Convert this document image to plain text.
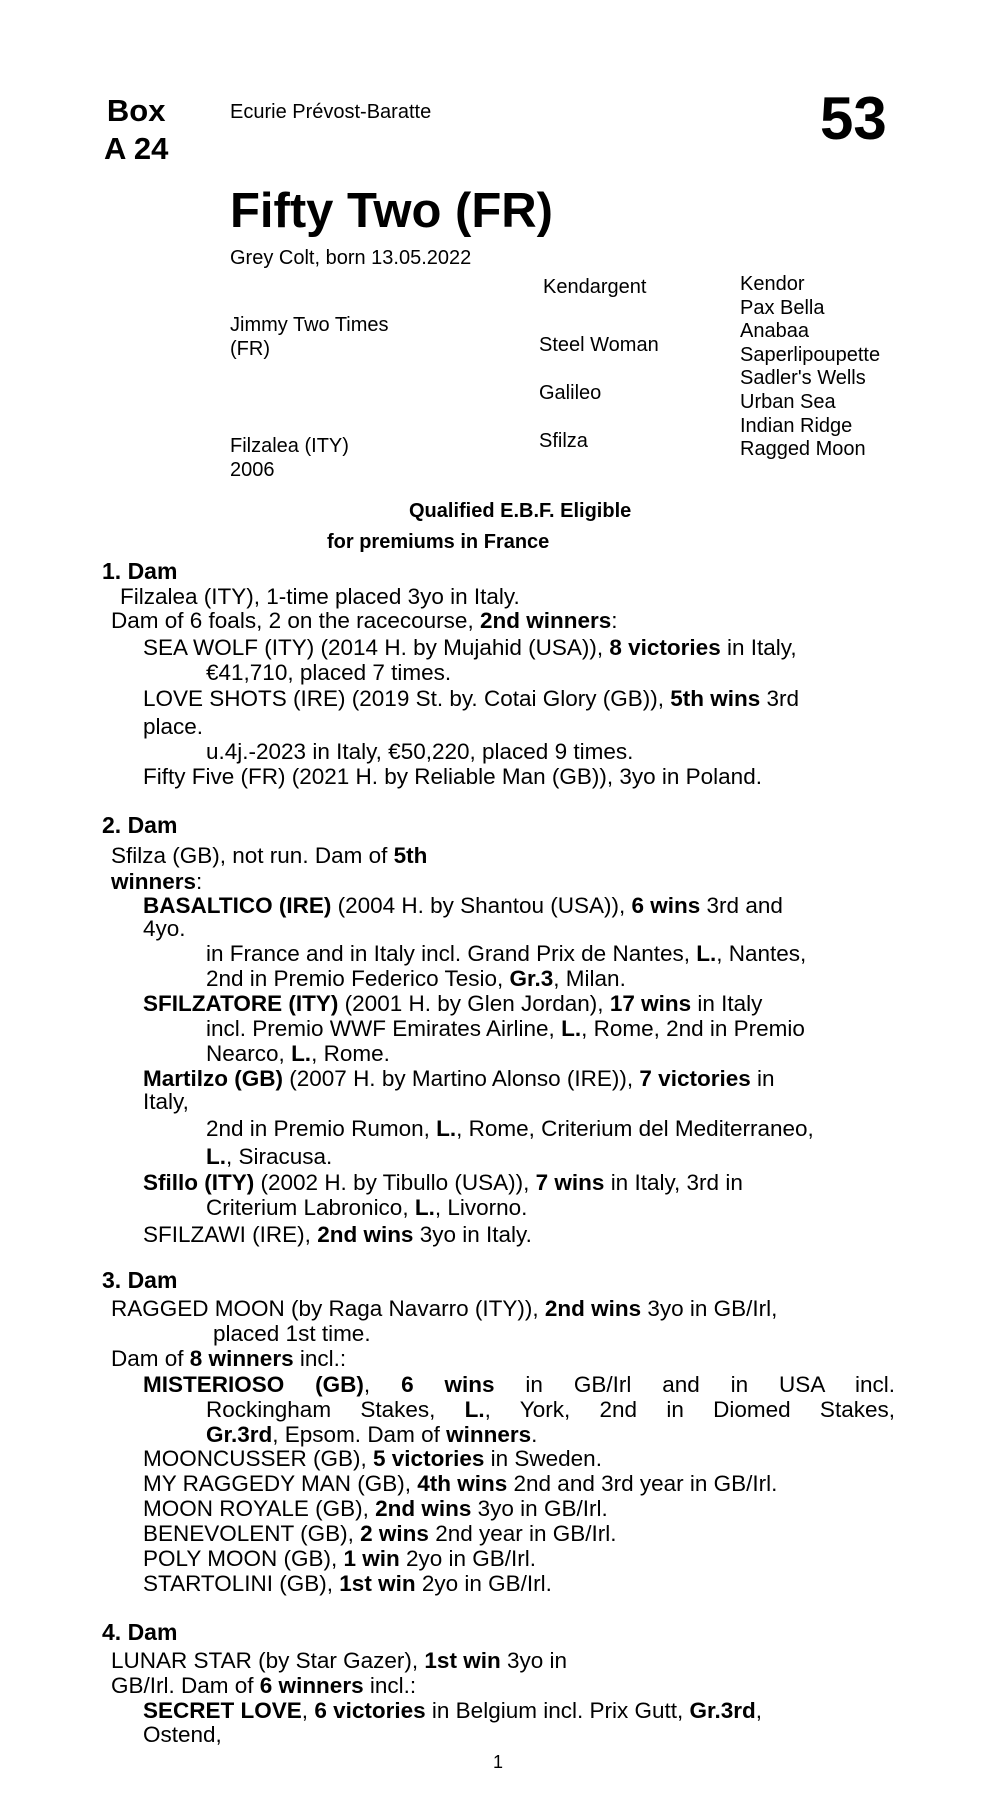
Box
A 24
Ecurie Prévost-Baratte	53
Fifty Two (FR)
Grey Colt, born 13.05.2022
Jimmy Two Times
(FR)
Filzalea (ITY)
2006
Kendargent
Steel Woman
Galileo
Sfilza
Kendor
Pax Bella
Anabaa
Saperlipoupette
Sadler's Wells
Urban Sea
Indian Ridge
Ragged Moon
Qualified E.B.F. Eligible
for premiums in France
1. Dam
Filzalea (ITY), 1-time placed 3yo in Italy.
Dam of 6 foals, 2 on the racecourse, 2nd winners:
SEA WOLF (ITY) (2014 H. by Mujahid (USA)), 8 victories in Italy,
€41,710, placed 7 times.
LOVE SHOTS (IRE) (2019 St. by. Cotai Glory (GB)), 5th wins 3rd
place.
u.4j.-2023 in Italy, €50,220, placed 9 times.
Fifty Five (FR) (2021 H. by Reliable Man (GB)), 3yo in Poland.
2. Dam
Sfilza (GB), not run. Dam of 5th
winners:
BASALTICO (IRE) (2004 H. by Shantou (USA)), 6 wins 3rd and
4yo.
in France and in Italy incl. Grand Prix de Nantes, L., Nantes,
2nd in Premio Federico Tesio, Gr.3, Milan.
SFILZATORE (ITY) (2001 H. by Glen Jordan), 17 wins in Italy
incl. Premio WWF Emirates Airline, L., Rome, 2nd in Premio
Nearco, L., Rome.
Martilzo (GB) (2007 H. by Martino Alonso (IRE)), 7 victories in
Italy,
2nd in Premio Rumon, L., Rome, Criterium del Mediterraneo,
L., Siracusa.
Sfillo (ITY) (2002 H. by Tibullo (USA)), 7 wins in Italy, 3rd in
Criterium Labronico, L., Livorno.
SFILZAWI (IRE), 2nd wins 3yo in Italy.
3. Dam
RAGGED MOON (by Raga Navarro (ITY)), 2nd wins 3yo in GB/Irl,
placed 1st time.
Dam of 8 winners incl.:
MISTERIOSO (GB), 6 wins in GB/Irl and in USA incl.
Rockingham Stakes, L., York, 2nd in Diomed Stakes,
Gr.3rd, Epsom. Dam of winners.
MOONCUSSER (GB), 5 victories in Sweden.
MY RAGGEDY MAN (GB), 4th wins 2nd and 3rd year in GB/Irl.
MOON ROYALE (GB), 2nd wins 3yo in GB/Irl.
BENEVOLENT (GB), 2 wins 2nd year in GB/Irl.
POLY MOON (GB), 1 win 2yo in GB/Irl.
STARTOLINI (GB), 1st win 2yo in GB/Irl.
4. Dam
LUNAR STAR (by Star Gazer), 1st win 3yo in
GB/Irl. Dam of 6 winners incl.:
SECRET LOVE, 6 victories in Belgium incl. Prix Gutt, Gr.3rd,
Ostend,
1
